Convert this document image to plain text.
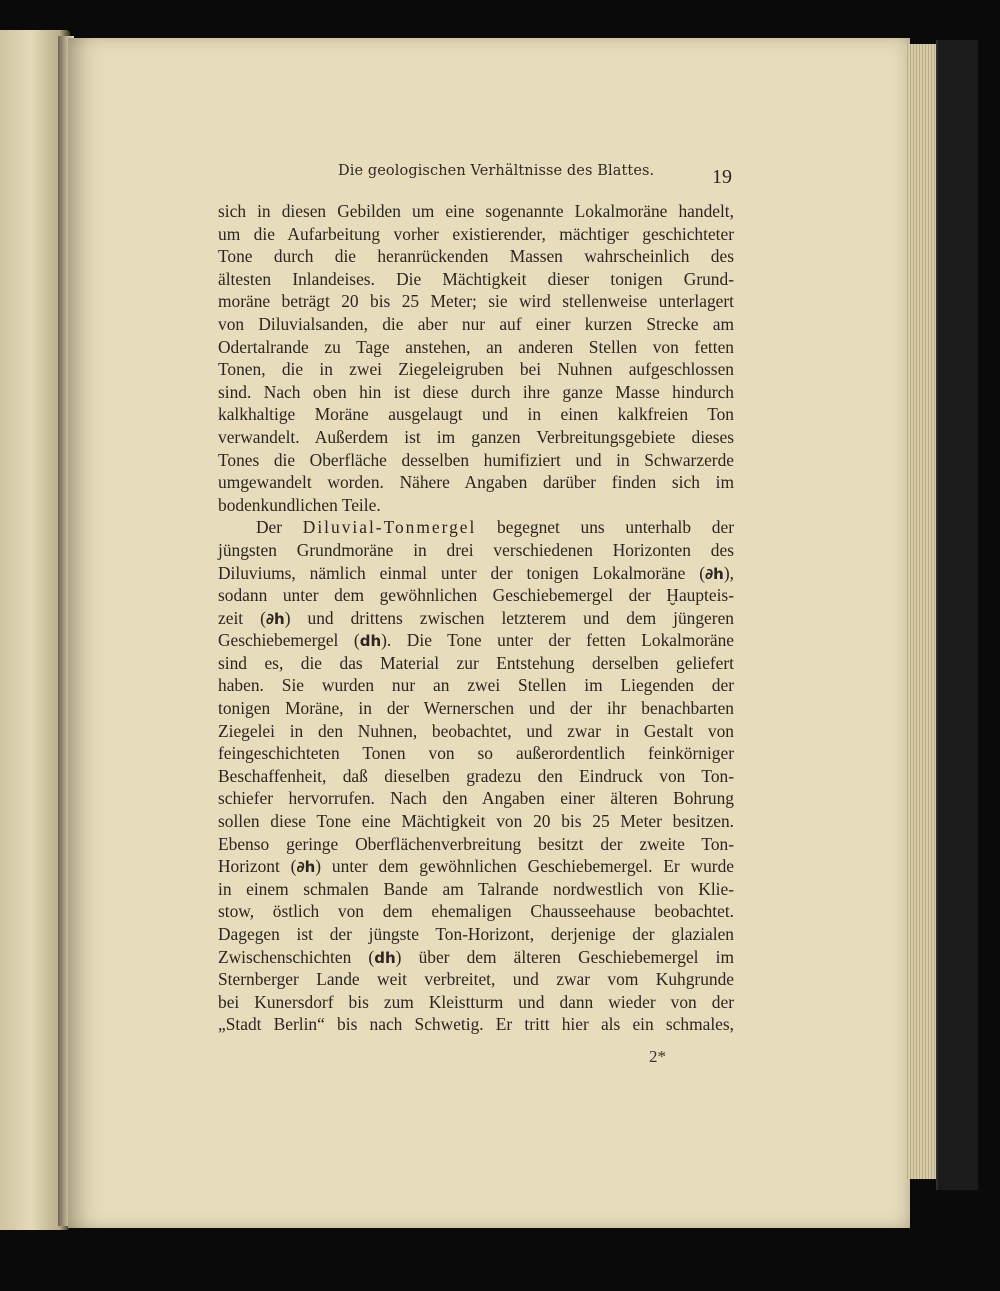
Die geologischen Verhältnisse des Blattes.	19
sich in diesen Gebilden um eine sogenannte Lokalmoräne handelt,
um die Aufarbeitung vorher existierender, mächtiger geschichteter
Tone durch die heranrückenden Massen wahrscheinlich des
ältesten Inlandeises. Die Mächtigkeit dieser tonigen Grund-
moräne beträgt 20 bis 25 Meter; sie wird stellenweise unterlagert
von Diluvialsanden, die aber nur auf einer kurzen Strecke am
Odertalrande zu Tage anstehen, an anderen Stellen von fetten
Tonen, die in zwei Ziegeleigruben bei Nuhnen aufgeschlossen
sind. Nach oben hin ist diese durch ihre ganze Masse hindurch
kalkhaltige Moräne ausgelaugt und in einen kalkfreien Ton
verwandelt. Außerdem ist im ganzen Verbreitungsgebiete dieses
Tones die Oberfläche desselben humifiziert und in Schwarzerde
umgewandelt worden. Nähere Angaben darüber finden sich im
bodenkundlichen Teile.
Der Diluvial-Tonmergel begegnet uns unterhalb der
jüngsten Grundmoräne in drei verschiedenen Horizonten des
Diluviums, nämlich einmal unter der tonigen Lokalmoräne (∂h),
sodann unter dem gewöhnlichen Geschiebemergel der Ḫaupteis-
zeit (∂h) und drittens zwischen letzterem und dem jüngeren
Geschiebemergel (dh). Die Tone unter der fetten Lokalmoräne
sind es, die das Material zur Entstehung derselben geliefert
haben. Sie wurden nur an zwei Stellen im Liegenden der
tonigen Moräne, in der Wernerschen und der ihr benachbarten
Ziegelei in den Nuhnen, beobachtet, und zwar in Gestalt von
feingeschichteten Tonen von so außerordentlich feinkörniger
Beschaffenheit, daß dieselben gradezu den Eindruck von Ton-
schiefer hervorrufen. Nach den Angaben einer älteren Bohrung
sollen diese Tone eine Mächtigkeit von 20 bis 25 Meter besitzen.
Ebenso geringe Oberflächenverbreitung besitzt der zweite Ton-
Horizont (∂h) unter dem gewöhnlichen Geschiebemergel. Er wurde
in einem schmalen Bande am Talrande nordwestlich von Klie-
stow, östlich von dem ehemaligen Chausseehause beobachtet.
Dagegen ist der jüngste Ton-Horizont, derjenige der glazialen
Zwischenschichten (dh) über dem älteren Geschiebemergel im
Sternberger Lande weit verbreitet, und zwar vom Kuhgrunde
bei Kunersdorf bis zum Kleistturm und dann wieder von der
„Stadt Berlin“ bis nach Schwetig. Er tritt hier als ein schmales,
2*
